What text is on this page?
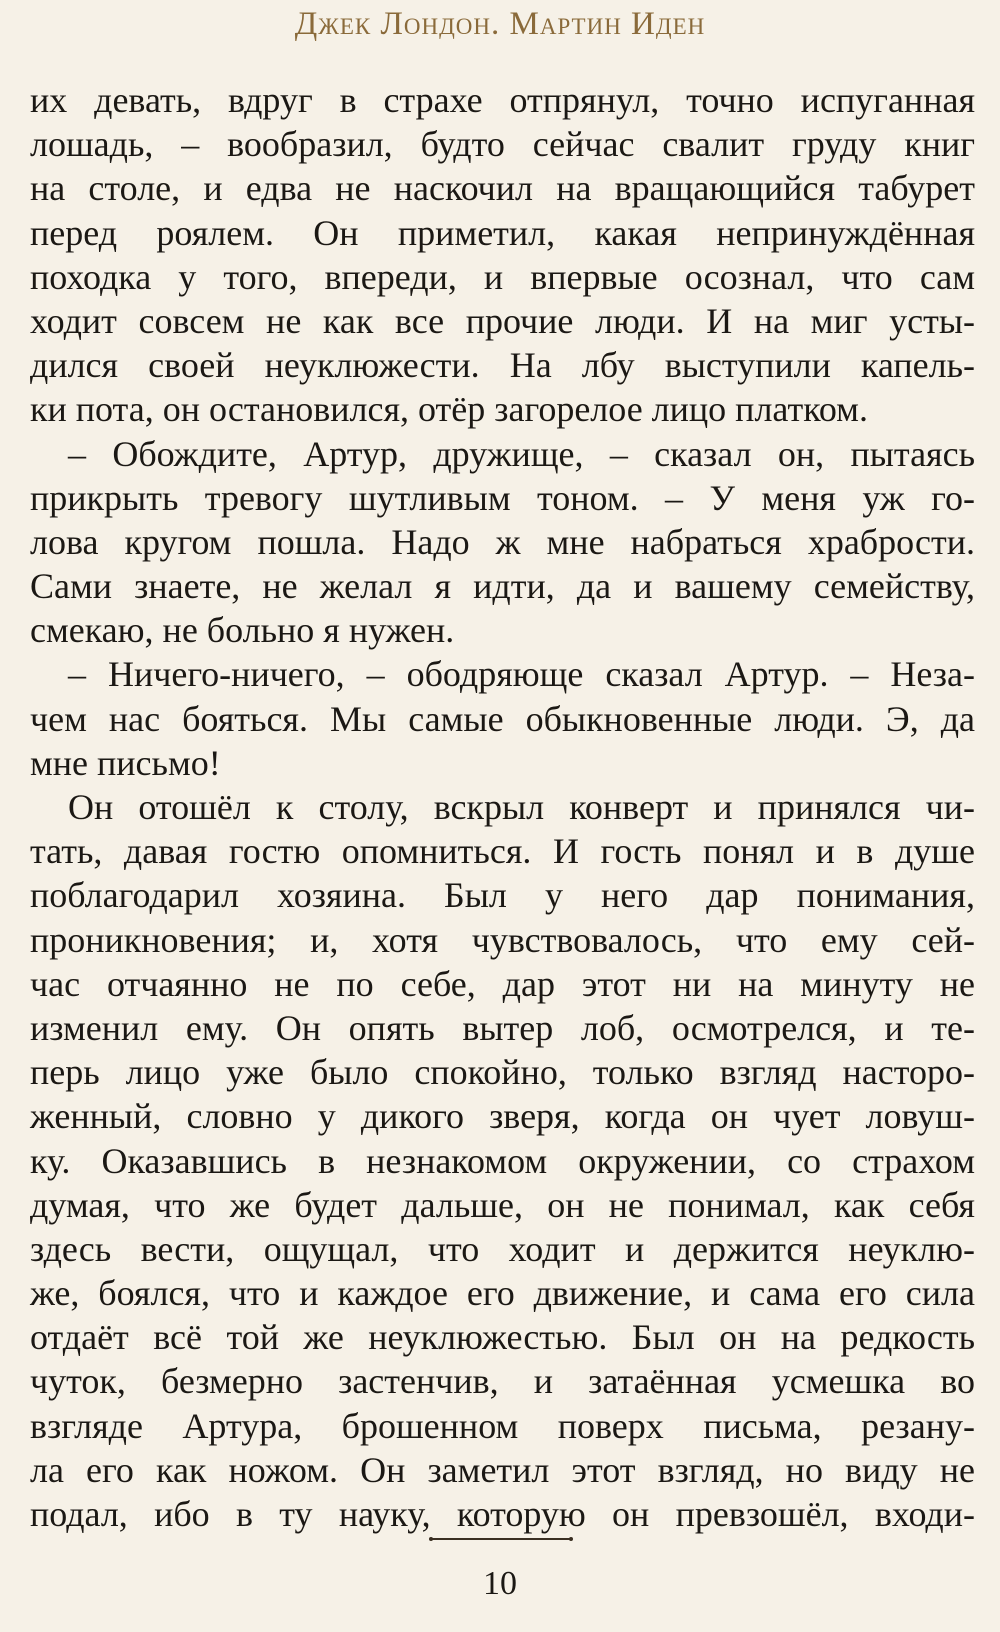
Джек Лондон. Мартин Иден
их девать, вдруг в страхе отпрянул, точно испуганная
лошадь, – вообразил, будто сейчас свалит груду книг
на столе, и едва не наскочил на вращающийся табурет
перед роялем. Он приметил, какая непринуждённая
походка у того, впереди, и впервые осознал, что сам
ходит совсем не как все прочие люди. И на миг усты-
дился своей неуклюжести. На лбу выступили капель-
ки пота, он остановился, отёр загорелое лицо платком.
– Обождите, Артур, дружище, – сказал он, пытаясь
прикрыть тревогу шутливым тоном. – У меня уж го-
лова кругом пошла. Надо ж мне набраться храбрости.
Сами знаете, не желал я идти, да и вашему семейству,
смекаю, не больно я нужен.
– Ничего-ничего, – ободряюще сказал Артур. – Неза-
чем нас бояться. Мы самые обыкновенные люди. Э, да
мне письмо!
Он отошёл к столу, вскрыл конверт и принялся чи-
тать, давая гостю опомниться. И гость понял и в душе
поблагодарил хозяина. Был у него дар понимания,
проникновения; и, хотя чувствовалось, что ему сей-
час отчаянно не по себе, дар этот ни на минуту не
изменил ему. Он опять вытер лоб, осмотрелся, и те-
перь лицо уже было спокойно, только взгляд настоpo-
женный, словно у дикого зверя, когда он чует ловуш-
ку. Оказавшись в незнакомом окружении, со страхом
думая, что же будет дальше, он не понимал, как себя
здесь вести, ощущал, что ходит и держится неуклю-
же, боялся, что и каждое его движение, и сама его сила
отдаёт всё той же неуклюжестью. Был он на редкость
чуток, безмерно застенчив, и затаённая усмешка во
взгляде Артура, брошенном поверх письма, резану-
ла его как ножом. Он заметил этот взгляд, но виду не
подал, ибо в ту науку, которую он превзошёл, входи-
10
